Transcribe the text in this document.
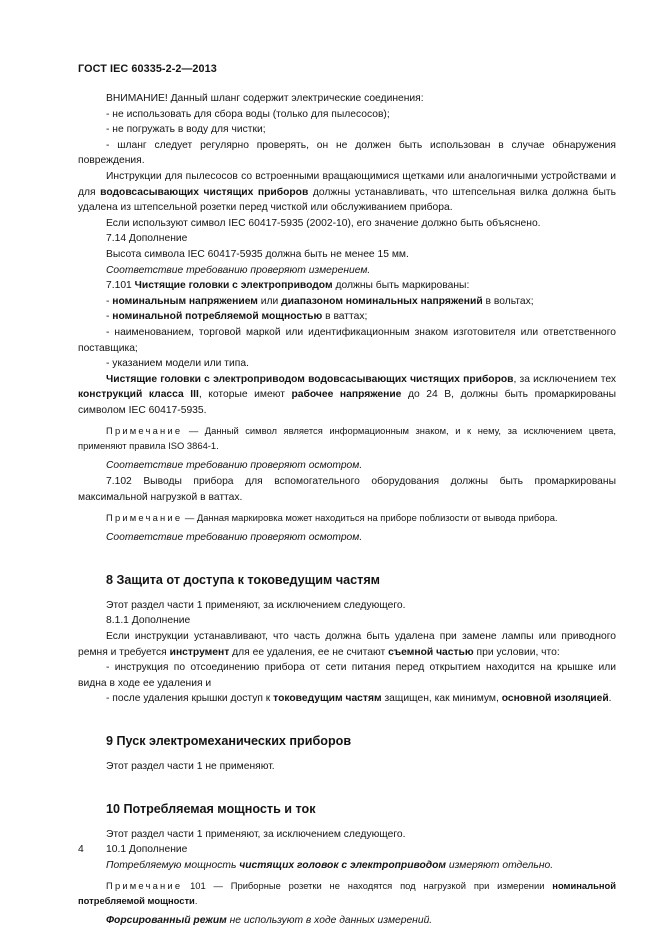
ГОСТ IEC 60335-2-2—2013

ВНИМАНИЕ! Данный шланг содержит электрические соединения:

- не использовать для сбора воды (только для пылесосов);

- не погружать в воду для чистки;

- шланг следует регулярно проверять, он не должен быть использован в случае обнаружения повреждения.

Инструкции для пылесосов со встроенными вращающимися щетками или аналогичными устройствами и для водовсасывающих чистящих приборов должны устанавливать, что штепсельная вилка должна быть удалена из штепсельной розетки перед чисткой или обслуживанием прибора.

Если используют символ IEC 60417-5935 (2002-10), его значение должно быть объяснено.

7.14 Дополнение

Высота символа IEC 60417-5935 должна быть не менее 15 мм.

Соответствие требованию проверяют измерением.

7.101 Чистящие головки с электроприводом должны быть маркированы:

- номинальным напряжением или диапазоном номинальных напряжений в вольтах;

- номинальной потребляемой мощностью в ваттах;

- наименованием, торговой маркой или идентификационным знаком изготовителя или ответственного поставщика;

- указанием модели или типа.

Чистящие головки с электроприводом водовсасывающих чистящих приборов, за исключением тех конструкций класса III, которые имеют рабочее напряжение до 24 В, должны быть промаркированы символом IEC 60417-5935.

Примечание — Данный символ является информационным знаком, и к нему, за исключением цвета, применяют правила ISO 3864-1.

Соответствие требованию проверяют осмотром.

7.102 Выводы прибора для вспомогательного оборудования должны быть промаркированы максимальной нагрузкой в ваттах.

Примечание — Данная маркировка может находиться на приборе поблизости от вывода прибора.

Соответствие требованию проверяют осмотром.

8 Защита от доступа к токоведущим частям

Этот раздел части 1 применяют, за исключением следующего.

8.1.1 Дополнение

Если инструкции устанавливают, что часть должна быть удалена при замене лампы или приводного ремня и требуется инструмент для ее удаления, ее не считают съемной частью при условии, что:

- инструкция по отсоединению прибора от сети питания перед открытием находится на крышке или видна в ходе ее удаления и

- после удаления крышки доступ к токоведущим частям защищен, как минимум, основной изоляцией.

9 Пуск электромеханических приборов

Этот раздел части 1 не применяют.

10 Потребляемая мощность и ток

Этот раздел части 1 применяют, за исключением следующего.

10.1 Дополнение

Потребляемую мощность чистящих головок с электроприводом измеряют отдельно.

Примечание 101 — Приборные розетки не находятся под нагрузкой при измерении номинальной потребляемой мощности.

Форсированный режим не используют в ходе данных измерений.

4
